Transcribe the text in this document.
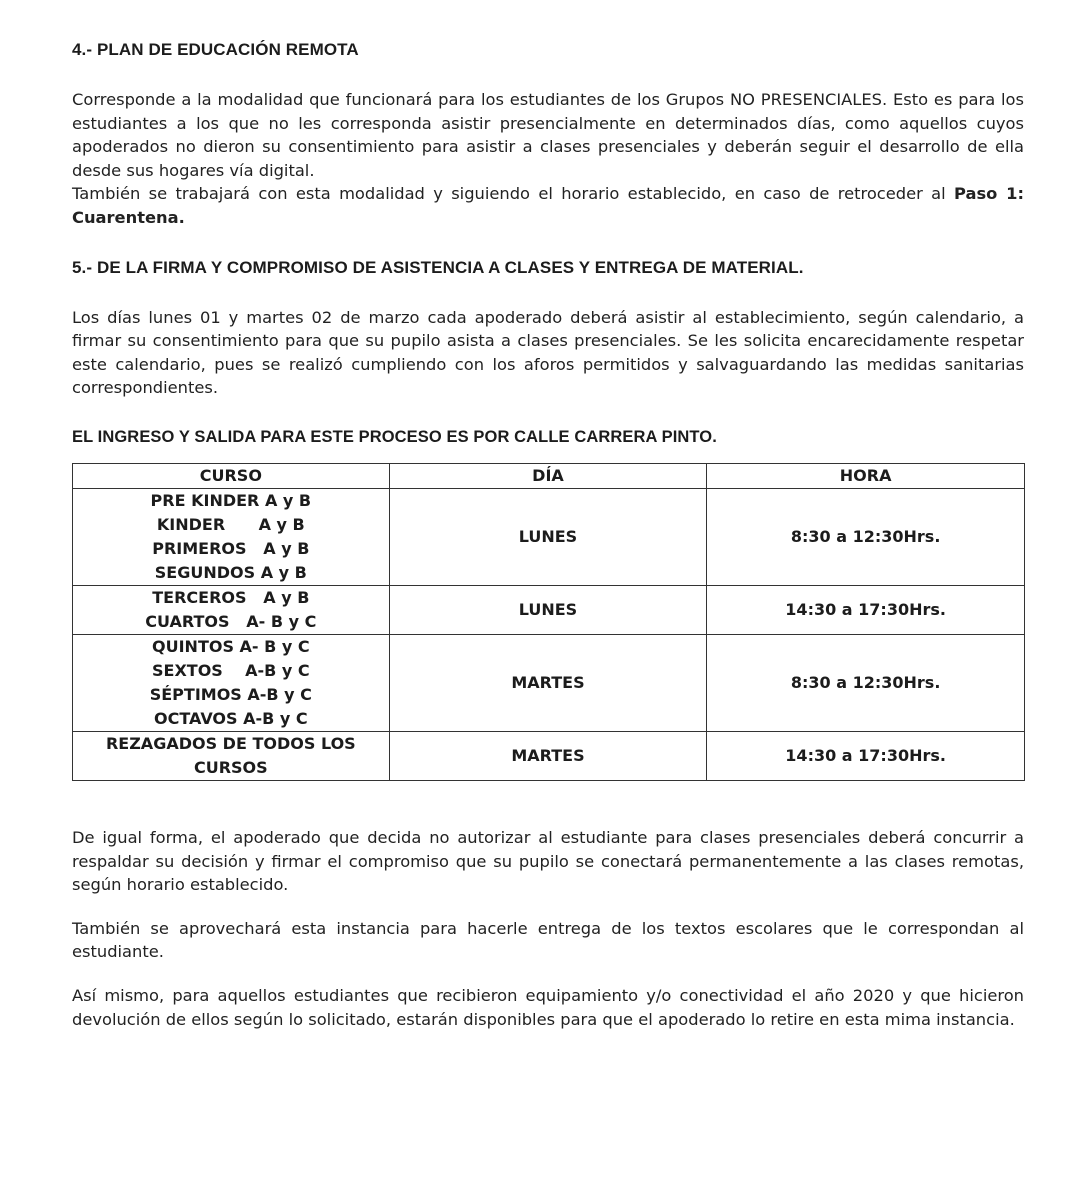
4.- PLAN DE EDUCACIÓN REMOTA

Corresponde a la modalidad que funcionará para los estudiantes de los Grupos NO PRESENCIALES. Esto es para los estudiantes a los que no les corresponda asistir presencialmente en determinados días, como aquellos cuyos apoderados no dieron su consentimiento para asistir a clases presenciales y deberán seguir el desarrollo de ella desde sus hogares vía digital.

También se trabajará con esta modalidad y siguiendo el horario establecido, en caso de retroceder al Paso 1: Cuarentena.

5.- DE LA FIRMA Y COMPROMISO DE ASISTENCIA A CLASES Y ENTREGA DE MATERIAL.

Los días lunes 01 y martes 02 de marzo cada apoderado deberá asistir al establecimiento, según calendario, a firmar su consentimiento para que su pupilo asista a clases presenciales. Se les solicita encarecidamente respetar este calendario, pues se realizó cumpliendo con los aforos permitidos y salvaguardando las medidas sanitarias correspondientes.

EL INGRESO Y SALIDA PARA ESTE PROCESO ES POR CALLE CARRERA PINTO.
CURSO	DÍA	HORA

PRE KINDER A y B
KINDER      A y B
PRIMEROS   A y B
SEGUNDOS A y B	LUNES	8:30 a 12:30Hrs.

TERCEROS   A y B
CUARTOS   A- B y C	LUNES	14:30 a 17:30Hrs.

QUINTOS A- B y C
SEXTOS    A-B y C
SÉPTIMOS A-B y C
OCTAVOS A-B y C	MARTES	8:30 a 12:30Hrs.

REZAGADOS DE TODOS LOS
CURSOS	MARTES	14:30 a 17:30Hrs.

De igual forma, el apoderado que decida no autorizar al estudiante para clases presenciales deberá concurrir a respaldar su decisión y firmar el compromiso que su pupilo se conectará permanentemente a las clases remotas, según horario establecido.

También se aprovechará esta instancia para hacerle entrega de los textos escolares que le correspondan al estudiante.

Así mismo, para aquellos estudiantes que recibieron equipamiento y/o conectividad el año 2020 y que hicieron devolución de ellos según lo solicitado, estarán disponibles para que el apoderado lo retire en esta mima instancia.
